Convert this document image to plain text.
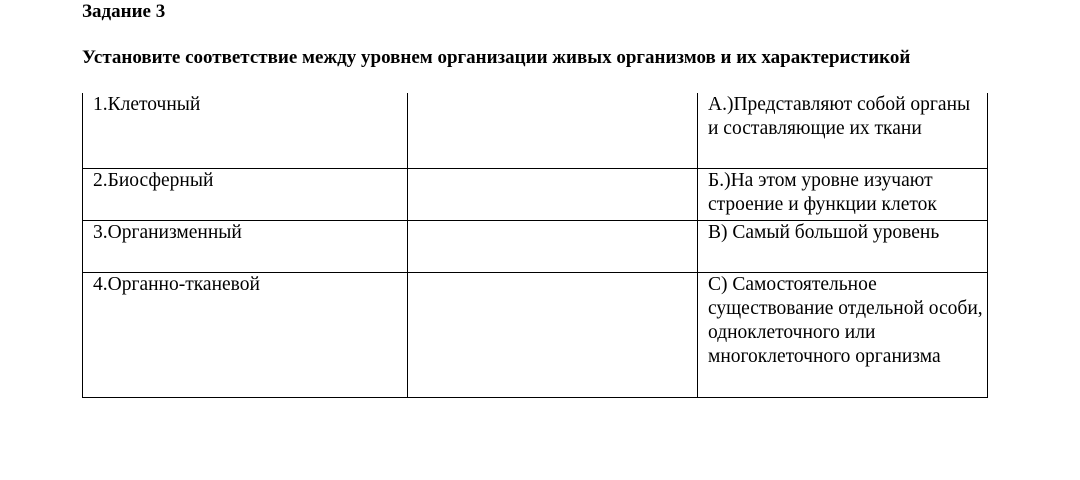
Задание 3
Установите соответствие между уровнем организации живых организмов и их характеристикой
1.Клеточный		А.)Представляют собой органы и составляющие их ткани
2.Биосферный		Б.)На этом уровне изучают строение и функции клеток
3.Организменный		В) Самый большой уровень
4.Органно-тканевой		С) Самостоятельное существование отдельной особи, одноклеточного или многоклеточного организма
